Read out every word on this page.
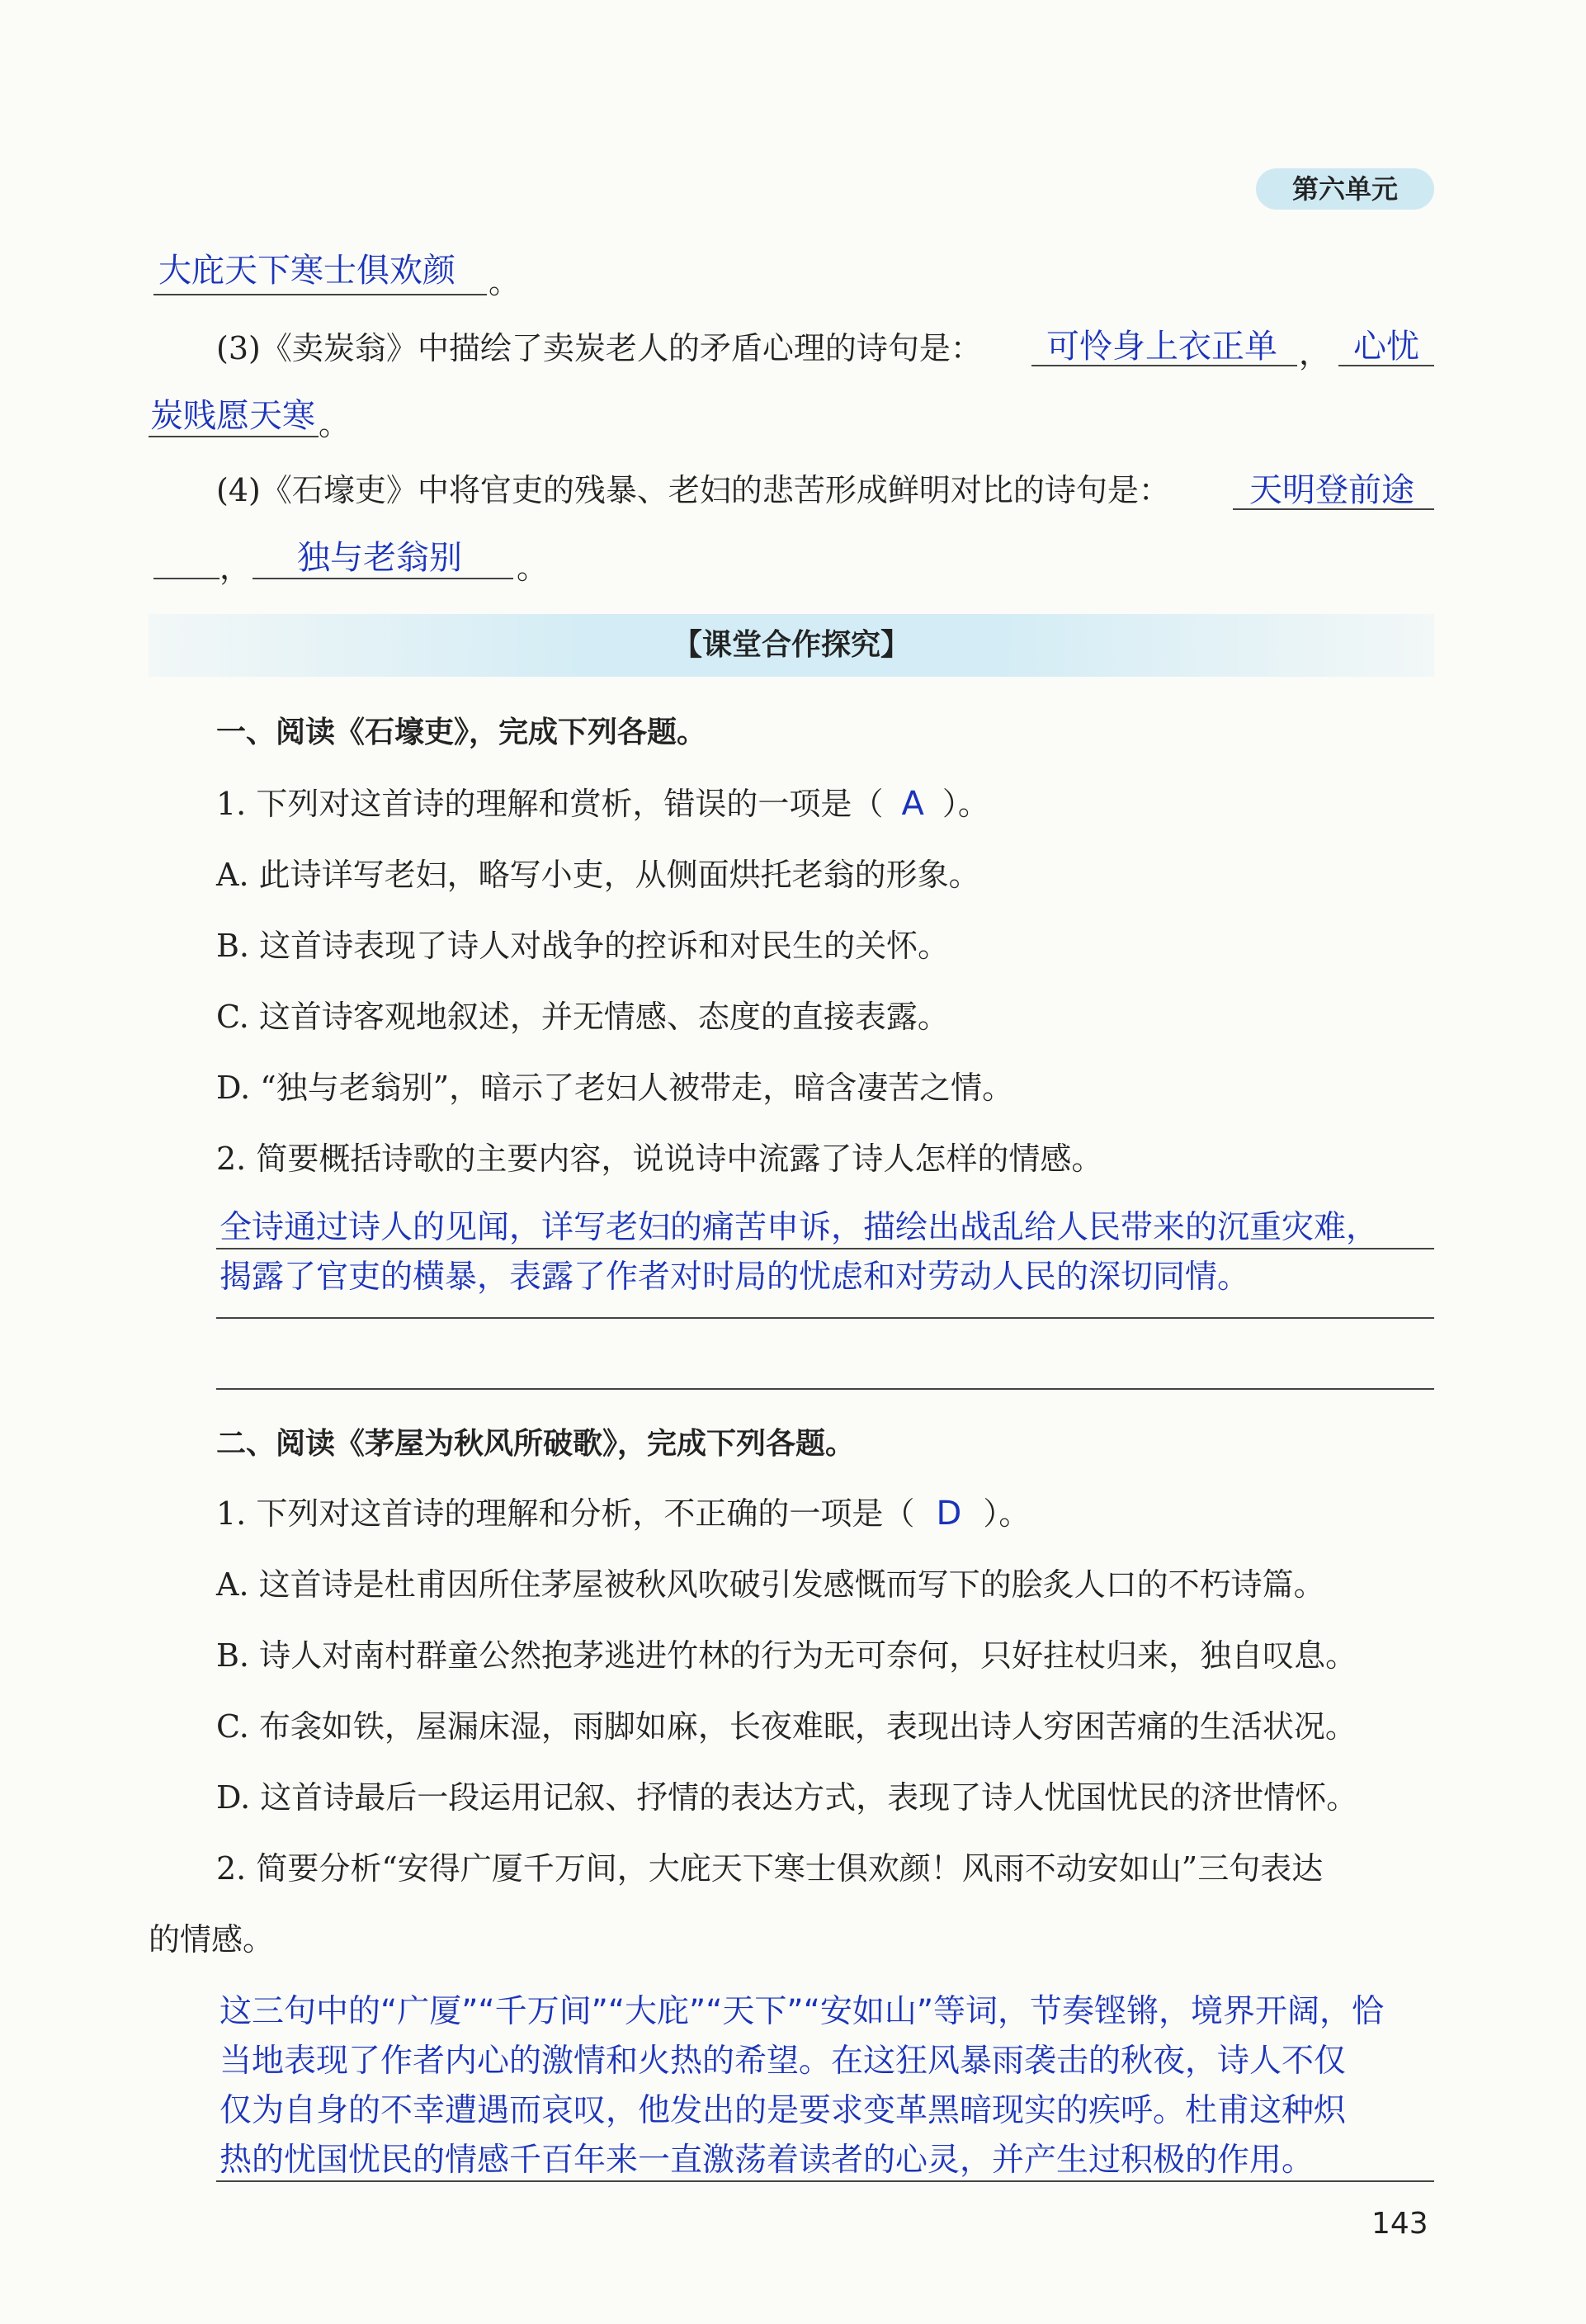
第六单元
大庇天下寒士俱欢颜 。
(3)《卖炭翁》中描绘了卖炭老人的矛盾心理的诗句是： 可怜身上衣正单 ， 心忧
炭贱愿天寒 。
(4)《石壕吏》中将官吏的残暴、老妇的悲苦形成鲜明对比的诗句是： 天明登前途
， 独与老翁别 。
【课堂合作探究】
一、阅读《石壕吏》，完成下列各题。
1. 下列对这首诗的理解和赏析，错误的一项是（ A ）。
A. 此诗详写老妇，略写小吏，从侧面烘托老翁的形象。
B. 这首诗表现了诗人对战争的控诉和对民生的关怀。
C. 这首诗客观地叙述，并无情感、态度的直接表露。
D. “独与老翁别”，暗示了老妇人被带走，暗含凄苦之情。
2. 简要概括诗歌的主要内容，说说诗中流露了诗人怎样的情感。
全诗通过诗人的见闻，详写老妇的痛苦申诉，描绘出战乱给人民带来的沉重灾难，
揭露了官吏的横暴，表露了作者对时局的忧虑和对劳动人民的深切同情。
二、阅读《茅屋为秋风所破歌》，完成下列各题。
1. 下列对这首诗的理解和分析，不正确的一项是（ D ）。
A. 这首诗是杜甫因所住茅屋被秋风吹破引发感慨而写下的脍炙人口的不朽诗篇。
B. 诗人对南村群童公然抱茅逃进竹林的行为无可奈何，只好拄杖归来，独自叹息。
C. 布衾如铁，屋漏床湿，雨脚如麻，长夜难眠，表现出诗人穷困苦痛的生活状况。
D. 这首诗最后一段运用记叙、抒情的表达方式，表现了诗人忧国忧民的济世情怀。
2. 简要分析“安得广厦千万间，大庇天下寒士俱欢颜！风雨不动安如山”三句表达
的情感。
这三句中的“广厦”“千万间”“大庇”“天下”“安如山”等词，节奏铿锵，境界开阔，恰
当地表现了作者内心的激情和火热的希望。在这狂风暴雨袭击的秋夜，诗人不仅
仅为自身的不幸遭遇而哀叹，他发出的是要求变革黑暗现实的疾呼。杜甫这种炽
热的忧国忧民的情感千百年来一直激荡着读者的心灵，并产生过积极的作用。
143
